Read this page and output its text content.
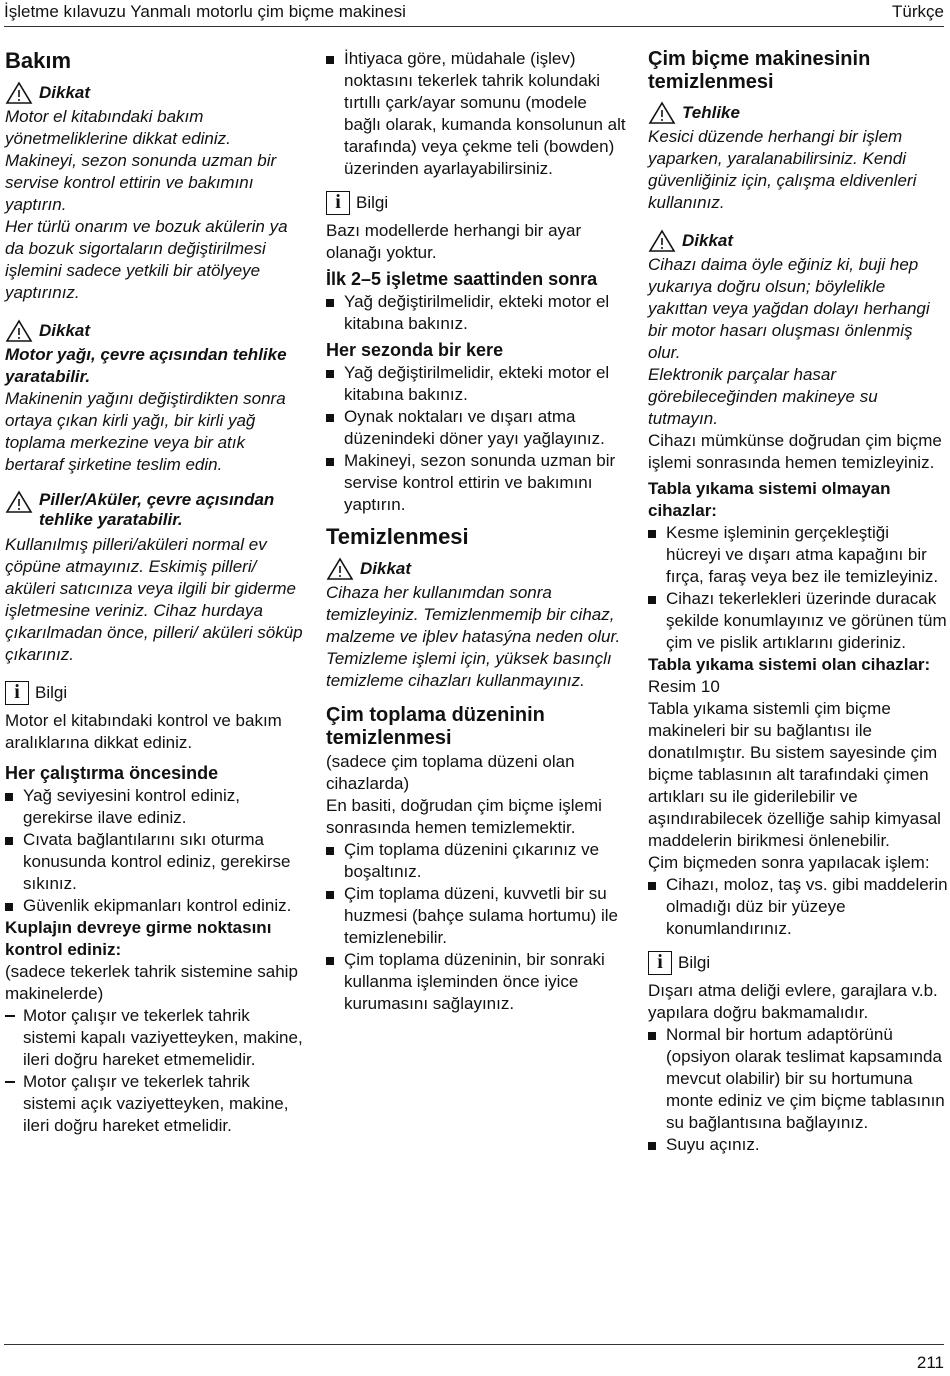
İşletme kılavuzu Yanmalı motorlu çim biçme makinesi	Türkçe
Bakım
Dikkat

Motor el kitabındaki bakım yönetmeliklerine dikkat ediniz. Makineyi, sezon sonunda uzman bir servise kontrol ettirin ve bakımını yaptırın.

Her türlü onarım ve bozuk akülerin ya da bozuk sigortaların değiştirilmesi işlemini sadece yetkili bir atölyeye yaptırınız.

Dikkat

Motor yağı, çevre açısından tehlike yaratabilir.

Makinenin yağını değiştirdikten sonra ortaya çıkan kirli yağı, bir kirli yağ toplama merkezine veya bir atık bertaraf şirketine teslim edin.

Piller/Aküler, çevre açısından tehlike yaratabilir.

Kullanılmış pilleri/aküleri normal ev çöpüne atmayınız. Eskimiş pilleri/ aküleri satıcınıza veya ilgili bir giderme işletmesine veriniz. Cihaz hurdaya çıkarılmadan önce, pilleri/ aküleri söküp çıkarınız.

i Bilgi

Motor el kitabındaki kontrol ve bakım aralıklarına dikkat ediniz.

Her çalıştırma öncesinde
Yağ seviyesini kontrol ediniz, gerekirse ilave ediniz.
Cıvata bağlantılarını sıkı oturma konusunda kontrol ediniz, gerekirse sıkınız.
Güvenlik ekipmanları kontrol ediniz.
Kuplajın devreye girme noktasını kontrol ediniz:

(sadece tekerlek tahrik sistemine sahip makinelerde)

Motor çalışır ve tekerlek tahrik sistemi kapalı vaziyetteyken, makine, ileri doğru hareket etmemelidir.
Motor çalışır ve tekerlek tahrik sistemi açık vaziyetteyken, makine, ileri doğru hareket etmelidir.
İhtiyaca göre, müdahale (işlev) noktasını tekerlek tahrik kolundaki tırtıllı çark/ayar somunu (modele bağlı olarak, kumanda konsolunun alt tarafında) veya çekme teli (bowden) üzerinden ayarlayabilirsiniz.
i Bilgi

Bazı modellerde herhangi bir ayar olanağı yoktur.

İlk 2–5 işletme saattinden sonra
Yağ değiştirilmelidir, ekteki motor el kitabına bakınız.
Her sezonda bir kere
Yağ değiştirilmelidir, ekteki motor el kitabına bakınız.
Oynak noktaları ve dışarı atma düzenindeki döner yayı yağlayınız.
Makineyi, sezon sonunda uzman bir servise kontrol ettirin ve bakımını yaptırın.
Temizlenmesi
Dikkat

Cihaza her kullanımdan sonra temizleyiniz. Temizlenmemiþ bir cihaz, malzeme ve iþlev hatasýna neden olur.

Temizleme işlemi için, yüksek basınçlı temizleme cihazları kullanmayınız.

Çim toplama düzeninin temizlenmesi

(sadece çim toplama düzeni olan cihazlarda)

En basiti, doğrudan çim biçme işlemi sonrasında hemen temizlemektir.

Çim toplama düzenini çıkarınız ve boşaltınız.
Çim toplama düzeni, kuvvetli bir su huzmesi (bahçe sulama hortumu) ile temizlenebilir.
Çim toplama düzeninin, bir sonraki kullanma işleminden önce iyice kurumasını sağlayınız.
Çim biçme makinesinin temizlenmesi
Tehlike

Kesici düzende herhangi bir işlem yaparken, yaralanabilirsiniz. Kendi güvenliğiniz için, çalışma eldivenleri kullanınız.

Dikkat

Cihazı daima öyle eğiniz ki, buji hep yukarıya doğru olsun; böylelikle yakıttan veya yağdan dolayı herhangi bir motor hasarı oluşması önlenmiş olur.

Elektronik parçalar hasar görebileceğinden makineye su tutmayın.

Cihazı mümkünse doğrudan çim biçme işlemi sonrasında hemen temizleyiniz.

Tabla yıkama sistemi olmayan cihazlar:
Kesme işleminin gerçekleştiği hücreyi ve dışarı atma kapağını bir fırça, faraş veya bez ile temizleyiniz.
Cihazı tekerlekleri üzerinde duracak şekilde konumlayınız ve görünen tüm çim ve pislik artıklarını gideriniz.
Tabla yıkama sistemi olan cihazlar:

Resim 10

Tabla yıkama sistemli çim biçme makineleri bir su bağlantısı ile donatılmıştır. Bu sistem sayesinde çim biçme tablasının alt tarafındaki çimen artıkları su ile giderilebilir ve aşındırabilecek özelliğe sahip kimyasal maddelerin birikmesi önlenebilir.

Çim biçmeden sonra yapılacak işlem:

Cihazı, moloz, taş vs. gibi maddelerin olmadığı düz bir yüzeye konumlandırınız.
i Bilgi

Dışarı atma deliği evlere, garajlara v.b. yapılara doğru bakmamalıdır.

Normal bir hortum adaptörünü (opsiyon olarak teslimat kapsamında mevcut olabilir) bir su hortumuna monte ediniz ve çim biçme tablasının su bağlantısına bağlayınız.
Suyu açınız.
211
